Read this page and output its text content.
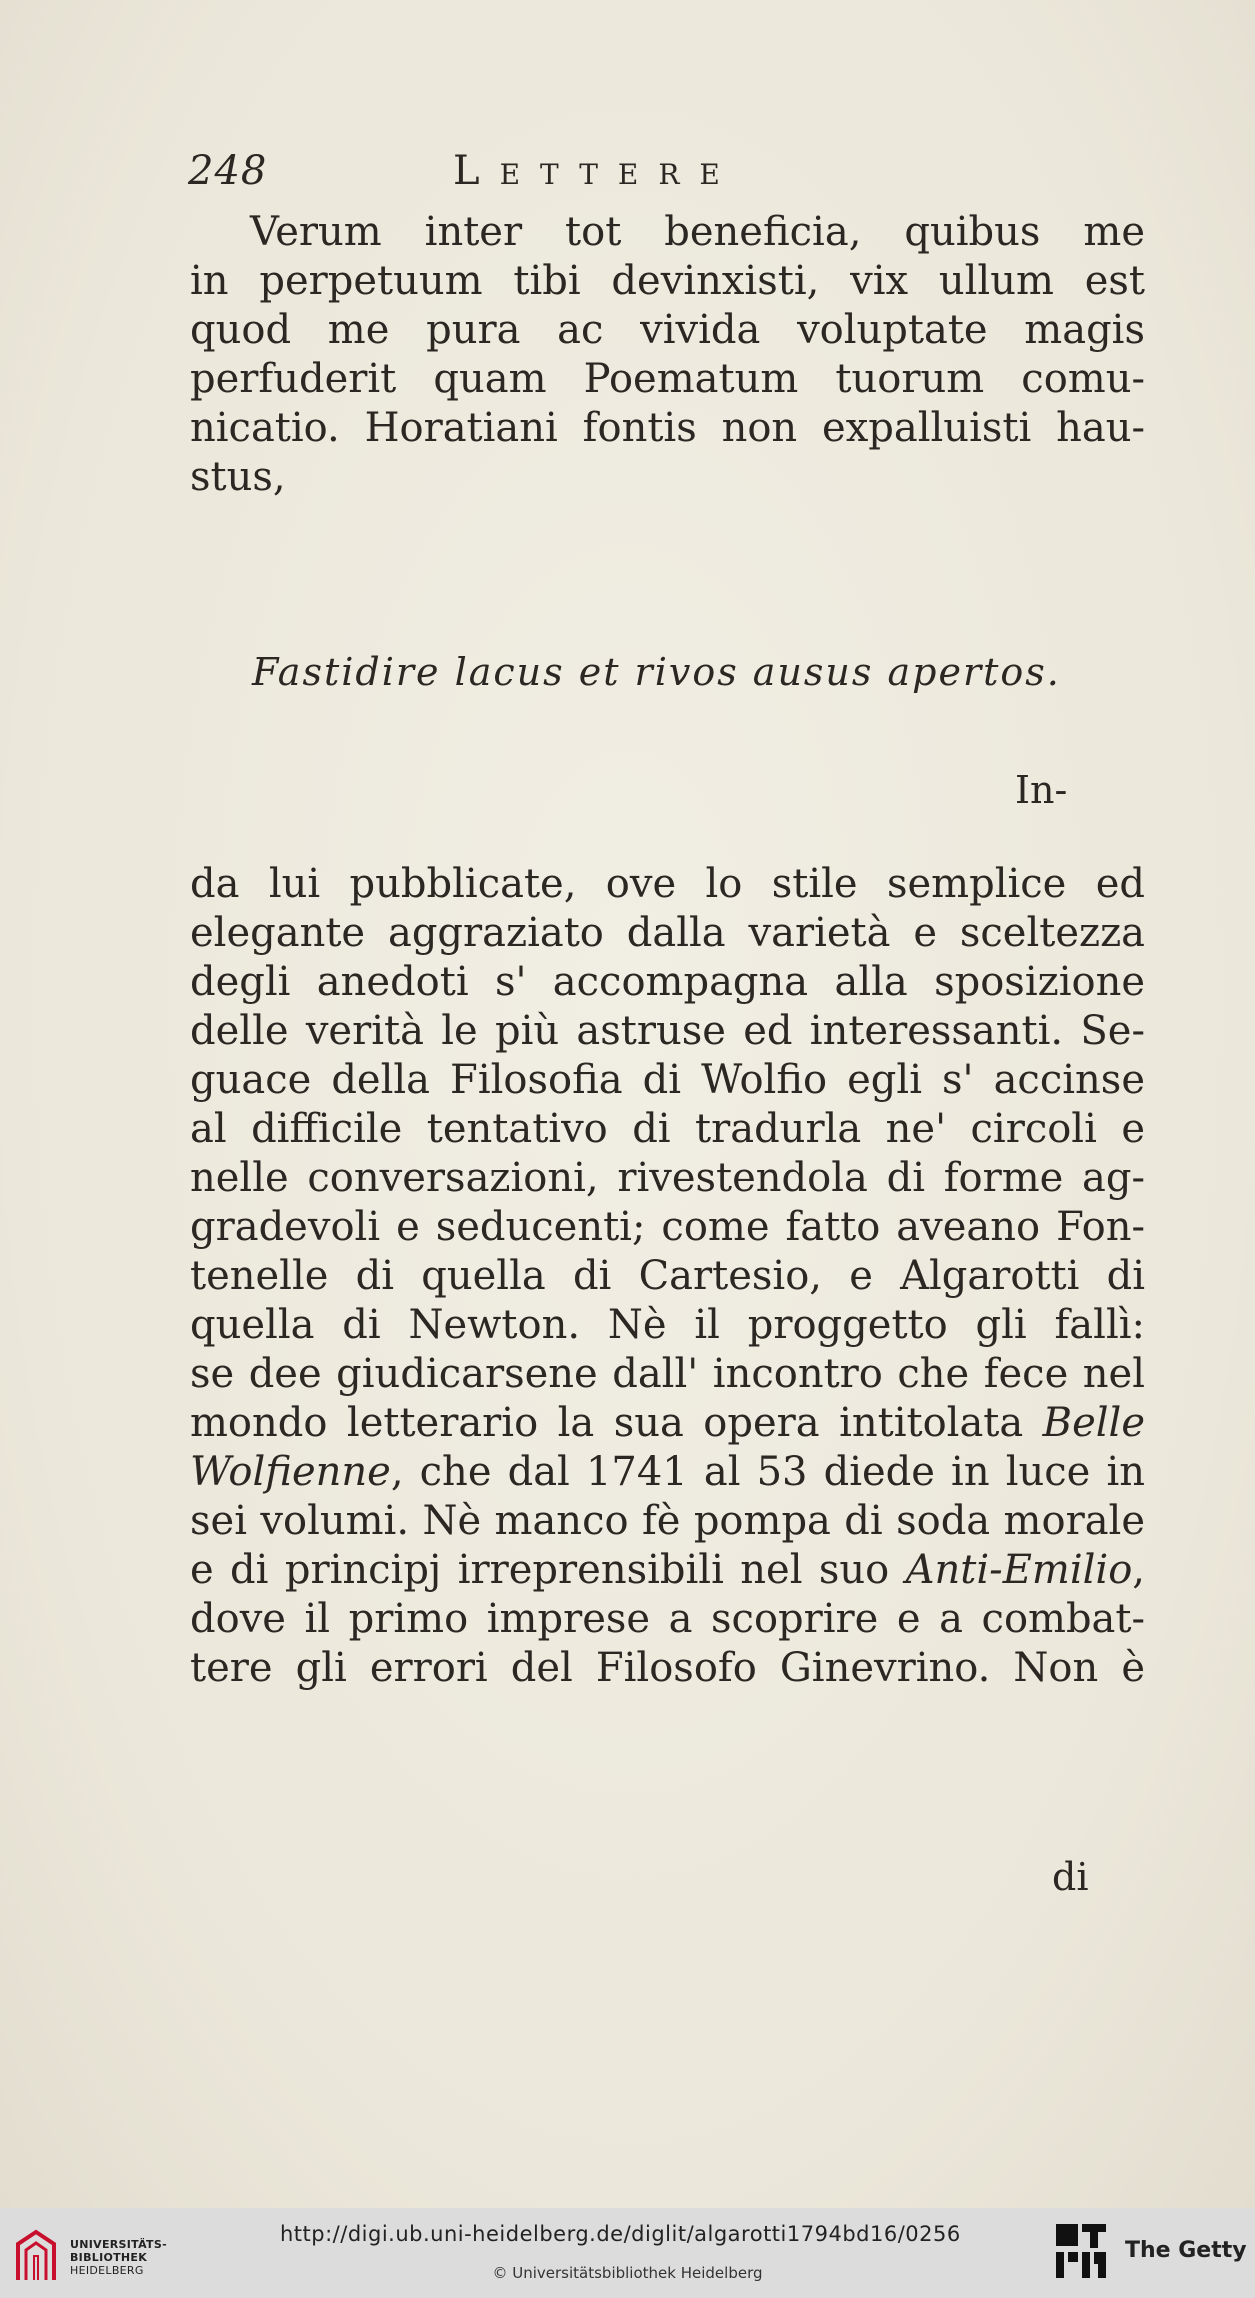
248	Lettere

Verum inter tot beneficia, quibus me

in perpetuum tibi devinxisti, vix ullum est

quod me pura ac vivida voluptate magis

perfuderit quam Poematum tuorum comu-

nicatio. Horatiani fontis non expalluisti hau-

stus,

Fastidire lacus et rivos ausus apertos.
In-

da lui pubblicate, ove lo stile semplice ed

elegante aggraziato dalla varietà e sceltezza

degli anedoti s' accompagna alla sposizione

delle verità le più astruse ed interessanti. Se-

guace della Filosofia di Wolfio egli s' accinse

al difficile tentativo di tradurla ne' circoli e

nelle conversazioni, rivestendola di forme ag-

gradevoli e seducenti; come fatto aveano Fon-

tenelle di quella di Cartesio, e Algarotti di

quella di Newton. Nè il proggetto gli fallì:

se dee giudicarsene dall' incontro che fece nel

mondo letterario la sua opera intitolata Belle

Wolfienne, che dal 1741 al 53 diede in luce in

sei volumi. Nè manco fè pompa di soda morale

e di principj irreprensibili nel suo Anti-Emilio,

dove il primo imprese a scoprire e a combat-

tere gli errori del Filosofo Ginevrino. Non è

di
UNIVERSITÄTS-
BIBLIOTHEK
HEIDELBERG
http://digi.ub.uni-heidelberg.de/diglit/algarotti1794bd16/0256
© Universitätsbibliothek Heidelberg
The Getty
